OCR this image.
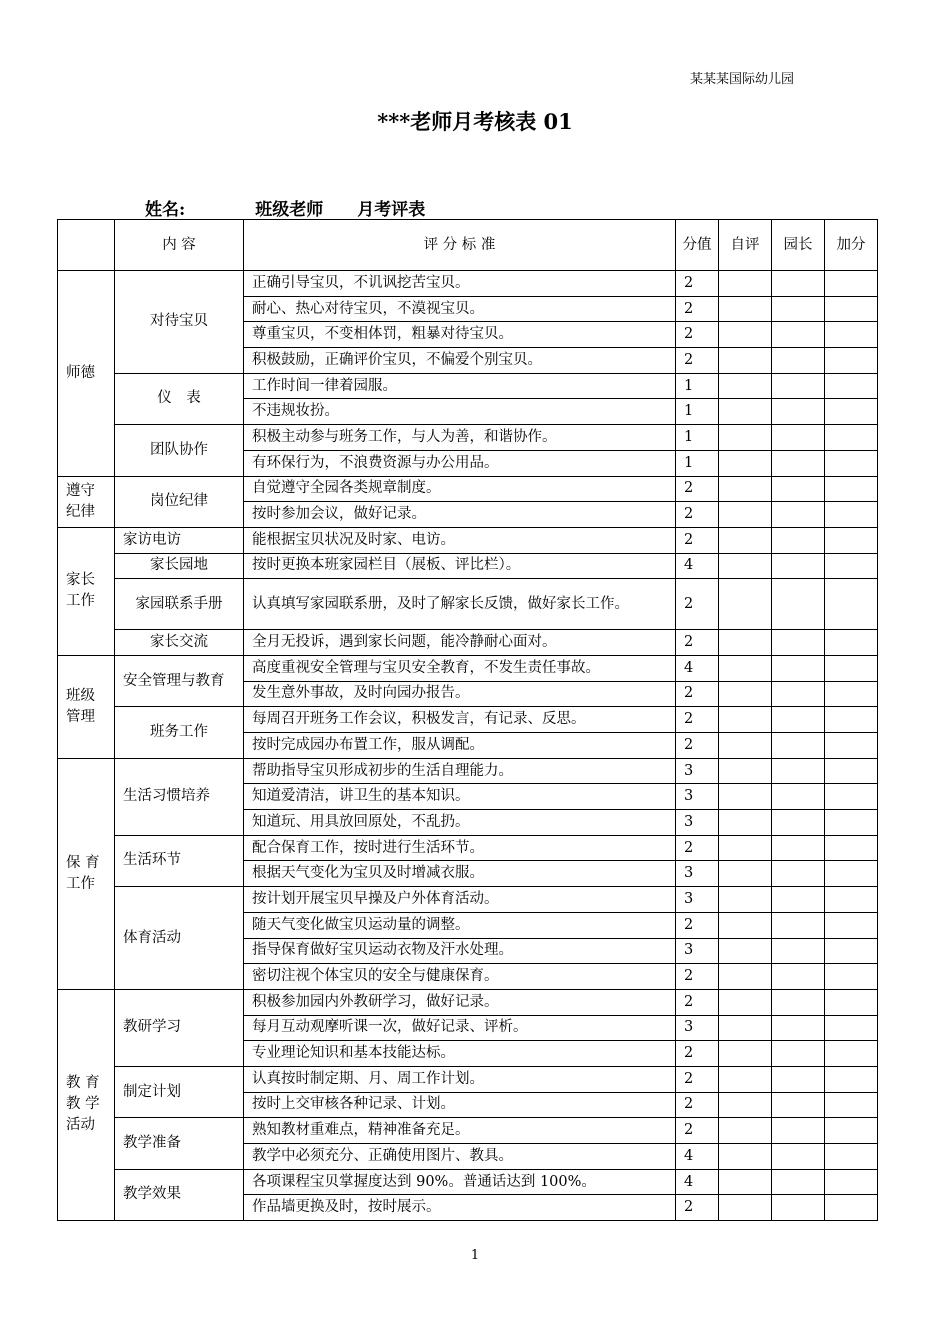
某某某国际幼儿园
***老师月考核表 01
姓名:	班级老师 月考评表
	内 容	评 分 标 准	分值	自评	园长	加分
师德	对待宝贝	正确引导宝贝，不讥讽挖苦宝贝。	2			
		耐心、热心对待宝贝，不漠视宝贝。	2			
		尊重宝贝，不变相体罚，粗暴对待宝贝。	2			
		积极鼓励，正确评价宝贝，不偏爱个别宝贝。	2			
	仪　表	工作时间一律着园服。	1			
		不违规妆扮。	1			
	团队协作	积极主动参与班务工作，与人为善，和谐协作。	1			
		有环保行为，不浪费资源与办公用品。	1			
遵守纪律	岗位纪律	自觉遵守全园各类规章制度。	2			
		按时参加会议，做好记录。	2			
家长工作	家访电访	能根据宝贝状况及时家、电访。	2			
	家长园地	按时更换本班家园栏目（展板、评比栏）。	4			
	家园联系手册	认真填写家园联系册，及时了解家长反馈，做好家长工作。	2			
	家长交流	全月无投诉，遇到家长问题，能冷静耐心面对。	2			
班级管理	安全管理与教育	高度重视安全管理与宝贝安全教育，不发生责任事故。	4			
		发生意外事故，及时向园办报告。	2			
	班务工作	每周召开班务工作会议，积极发言，有记录、反思。	2			
		按时完成园办布置工作，服从调配。	2			
保 育工作	生活习惯培养	帮助指导宝贝形成初步的生活自理能力。	3			
		知道爱清洁，讲卫生的基本知识。	3			
		知道玩、用具放回原处，不乱扔。	3			
	生活环节	配合保育工作，按时进行生活环节。	2			
		根据天气变化为宝贝及时增减衣服。	3			
	体育活动	按计划开展宝贝早操及户外体育活动。	3			
		随天气变化做宝贝运动量的调整。	2			
		指导保育做好宝贝运动衣物及汗水处理。	3			
		密切注视个体宝贝的安全与健康保育。	2			
教 育教 学活动	教研学习	积极参加园内外教研学习，做好记录。	2			
		每月互动观摩听课一次，做好记录、评析。	3			
		专业理论知识和基本技能达标。	2			
	制定计划	认真按时制定期、月、周工作计划。	2			
		按时上交审核各种记录、计划。	2			
	教学准备	熟知教材重难点，精神准备充足。	2			
		教学中必须充分、正确使用图片、教具。	4			
	教学效果	各项课程宝贝掌握度达到 90%。普通话达到 100%。	4			
		作品墙更换及时，按时展示。	2			
1
